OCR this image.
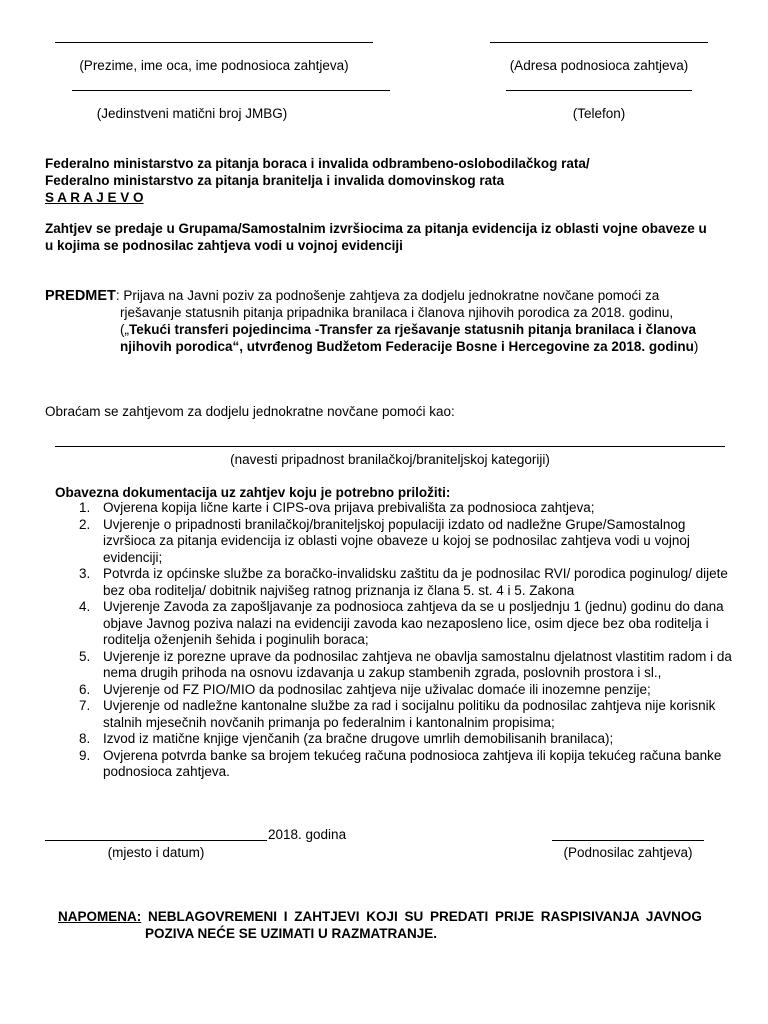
(Prezime, ime oca, ime podnosioca zahtjeva)	(Adresa podnosioca zahtjeva)
(Jedinstveni matični broj JMBG)	(Telefon)
Federalno ministarstvo za pitanja boraca i invalida odbrambeno-oslobodilačkog rata/
Federalno ministarstvo za pitanja branitelja i invalida domovinskog rata
S A R A J E V O
Zahtjev se predaje u Grupama/Samostalnim izvršiocima za pitanja evidencija iz oblasti vojne obaveze u
u kojima se podnosilac zahtjeva vodi u vojnoj evidenciji
PREDMET: Prijava na Javni poziv za podnošenje zahtjeva za dodjelu jednokratne novčane pomoći za
rješavanje statusnih pitanja pripadnika branilaca i članova njihovih porodica za 2018. godinu,
(„Tekući transferi pojedincima -Transfer za rješavanje statusnih pitanja branilaca i članova
njihovih porodica“, utvrđenog Budžetom Federacije Bosne i Hercegovine za 2018. godinu)
Obraćam se zahtjevom za dodjelu jednokratne novčane pomoći kao:
(navesti pripadnost branilačkoj/braniteljskoj kategoriji)
Obavezna dokumentacija uz zahtjev koju je potrebno priložiti:
1. Ovjerena kopija lične karte i CIPS-ova prijava prebivališta za podnosioca zahtjeva;
2. Uvjerenje o pripadnosti branilačkoj/braniteljskoj populaciji izdato od nadležne Grupe/Samostalnog izvršioca za pitanja evidencija iz oblasti vojne obaveze u kojoj se podnosilac zahtjeva vodi u vojnoj evidenciji;
3. Potvrda iz općinske službe za boračko-invalidsku zaštitu da je podnosilac RVI/ porodica poginulog/ dijete bez oba roditelja/ dobitnik najvišeg ratnog priznanja iz člana 5. st. 4 i 5. Zakona
4. Uvjerenje Zavoda za zapošljavanje za podnosioca zahtjeva da se u posljednju 1 (jednu) godinu do dana objave Javnog poziva nalazi na evidenciji zavoda kao nezaposleno lice, osim djece bez oba roditelja i roditelja oženjenih šehida i poginulih boraca;
5. Uvjerenje iz porezne uprave da podnosilac zahtjeva ne obavlja samostalnu djelatnost vlastitim radom i da nema drugih prihoda na osnovu izdavanja u zakup stambenih zgrada, poslovnih prostora i sl.,
6. Uvjerenje od FZ PIO/MIO da podnosilac zahtjeva nije uživalac domaće ili inozemne penzije;
7. Uvjerenje od nadležne kantonalne službe za rad i socijalnu politiku da podnosilac zahtjeva nije korisnik stalnih mjesečnih novčanih primanja po federalnim i kantonalnim propisima;
8. Izvod iz matične knjige vjenčanih (za bračne drugove umrlih demobilisanih branilaca);
9. Ovjerena potvrda banke sa brojem tekućeg računa podnosioca zahtjeva ili kopija tekućeg računa banke podnosioca zahtjeva.
2018. godina
(mjesto i datum)	(Podnosilac zahtjeva)
NAPOMENA: NEBLAGOVREMENI I ZAHTJEVI KOJI SU PREDATI PRIJE RASPISIVANJA JAVNOG
POZIVA NEĆE SE UZIMATI U RAZMATRANJE.
